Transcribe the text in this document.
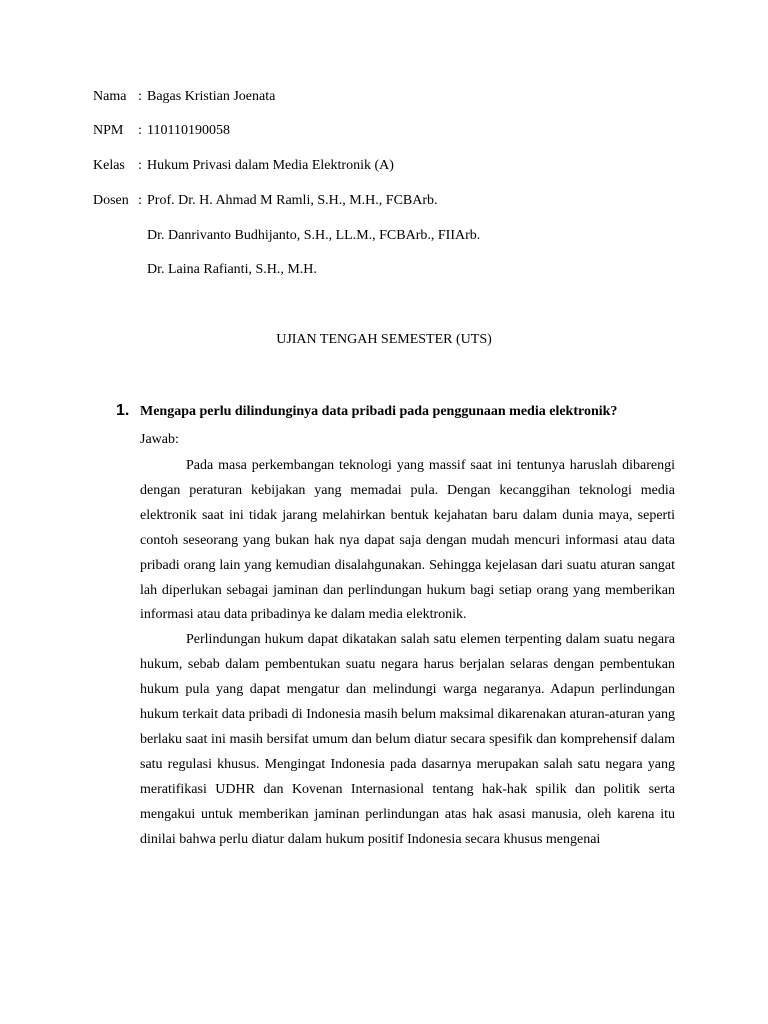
Nama : Bagas Kristian Joenata
NPM : 110110190058
Kelas : Hukum Privasi dalam Media Elektronik (A)
Dosen : Prof. Dr. H. Ahmad M Ramli, S.H., M.H., FCBArb.
Dr. Danrivanto Budhijanto, S.H., LL.M., FCBArb., FIIArb.
Dr. Laina Rafianti, S.H., M.H.
UJIAN TENGAH SEMESTER (UTS)
1. Mengapa perlu dilindunginya data pribadi pada penggunaan media elektronik?
Jawab:

Pada masa perkembangan teknologi yang massif saat ini tentunya haruslah dibarengi dengan peraturan kebijakan yang memadai pula. Dengan kecanggihan teknologi media elektronik saat ini tidak jarang melahirkan bentuk kejahatan baru dalam dunia maya, seperti contoh seseorang yang bukan hak nya dapat saja dengan mudah mencuri informasi atau data pribadi orang lain yang kemudian disalahgunakan. Sehingga kejelasan dari suatu aturan sangat lah diperlukan sebagai jaminan dan perlindungan hukum bagi setiap orang yang memberikan informasi atau data pribadinya ke dalam media elektronik.

Perlindungan hukum dapat dikatakan salah satu elemen terpenting dalam suatu negara hukum, sebab dalam pembentukan suatu negara harus berjalan selaras dengan pembentukan hukum pula yang dapat mengatur dan melindungi warga negaranya. Adapun perlindungan hukum terkait data pribadi di Indonesia masih belum maksimal dikarenakan aturan-aturan yang berlaku saat ini masih bersifat umum dan belum diatur secara spesifik dan komprehensif dalam satu regulasi khusus. Mengingat Indonesia pada dasarnya merupakan salah satu negara yang meratifikasi UDHR dan Kovenan Internasional tentang hak-hak spilik dan politik serta mengakui untuk memberikan jaminan perlindungan atas hak asasi manusia, oleh karena itu dinilai bahwa perlu diatur dalam hukum positif Indonesia secara khusus mengenai
